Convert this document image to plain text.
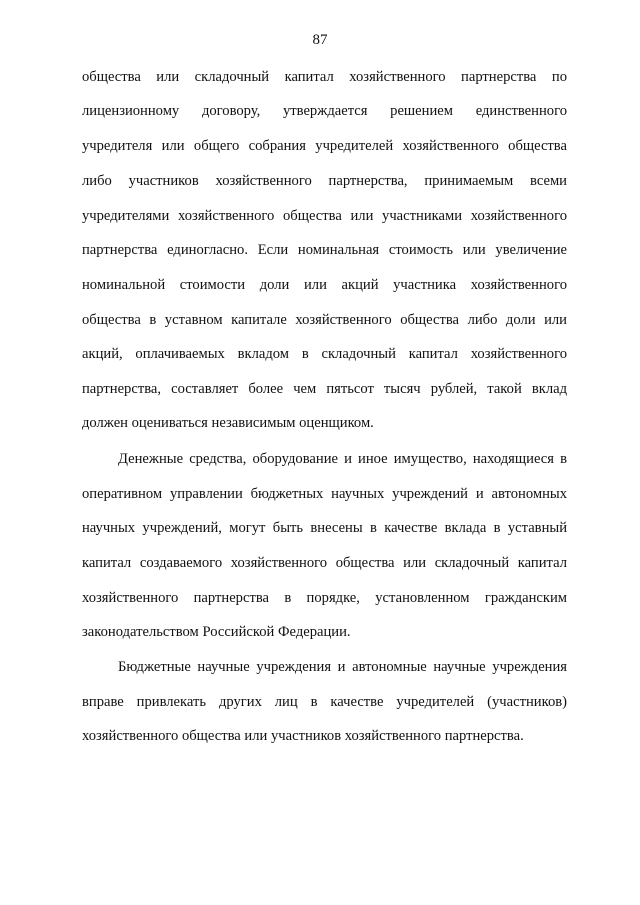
87
общества или складочный капитал хозяйственного партнерства по
лицензионному договору, утверждается решением единственного
учредителя или общего собрания учредителей хозяйственного общества
либо участников хозяйственного партнерства, принимаемым всеми
учредителями хозяйственного общества или участниками хозяйственного
партнерства единогласно. Если номинальная стоимость или увеличение
номинальной стоимости доли или акций участника хозяйственного
общества в уставном капитале хозяйственного общества либо доли или
акций, оплачиваемых вкладом в складочный капитал хозяйственного
партнерства, составляет более чем пятьсот тысяч рублей, такой вклад
должен оцениваться независимым оценщиком.
Денежные средства, оборудование и иное имущество, находящиеся в
оперативном управлении бюджетных научных учреждений и автономных
научных учреждений, могут быть внесены в качестве вклада в уставный
капитал создаваемого хозяйственного общества или складочный капитал
хозяйственного партнерства в порядке, установленном гражданским
законодательством Российской Федерации.
Бюджетные научные учреждения и автономные научные учреждения
вправе привлекать других лиц в качестве учредителей (участников)
хозяйственного общества или участников хозяйственного партнерства.
